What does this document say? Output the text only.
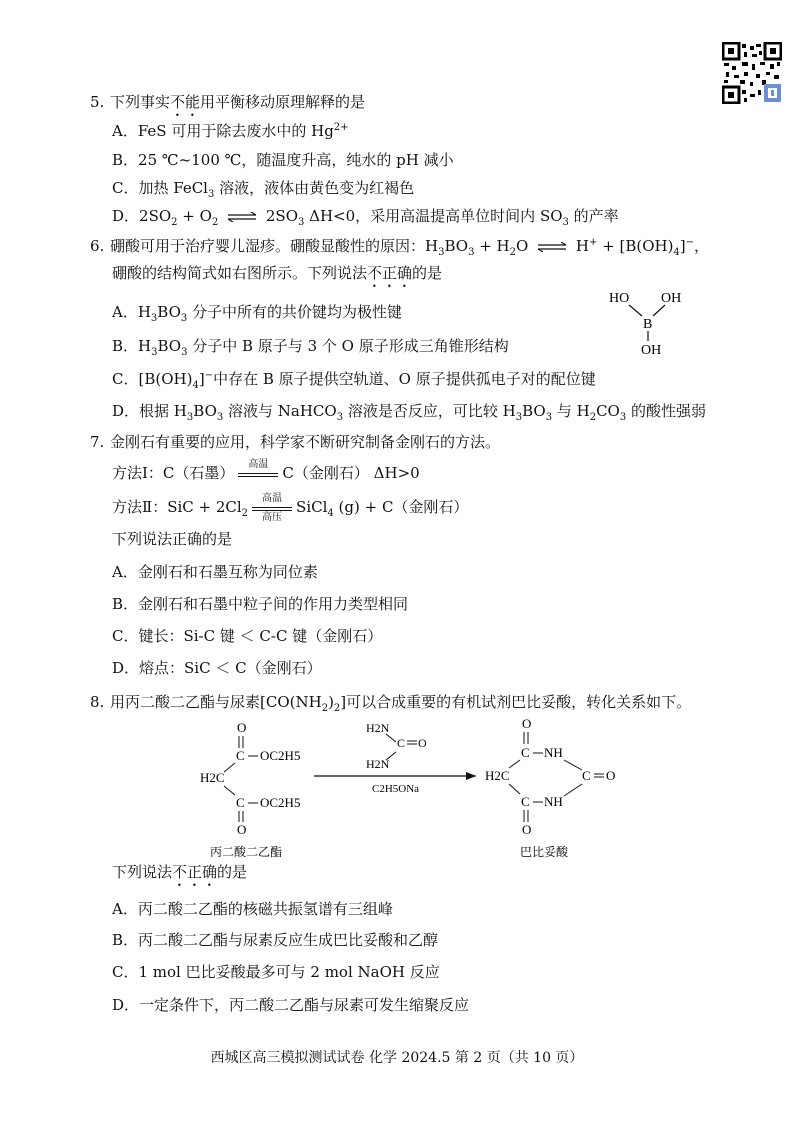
5. 下列事实不能用平衡移动原理解释的是
A．FeS 可用于除去废水中的 $Hg^{2+}$
B．25 ℃~100 ℃，随温度升高，纯水的 pH 减小
C．加热 FeCl$_3$ 溶液，液体由黄色变为红褐色
D．$2SO_2 + O_2$ ⇌ $2SO_3$ ΔH<0，采用高温提高单位时间内 $SO_3$ 的产率
6. 硼酸可用于治疗婴儿湿疹。硼酸显酸性的原因：$H_3BO_3 + H_2O$ ⇌ $H^+ + [B(OH)_4]^-$，
硼酸的结构简式如右图所示。下列说法不正确的是
A．$H_3BO_3$ 分子中所有的共价键均为极性键
B．$H_3BO_3$ 分子中 B 原子与 3 个 O 原子形成三角锥形结构
C．$[B(OH)_4]^-$中存在 B 原子提供空轨道、O 原子提供孤电子对的配位键
D．根据 $H_3BO_3$ 溶液与 NaHCO$_3$ 溶液是否反应，可比较 $H_3BO_3$ 与 $H_2CO_3$ 的酸性强弱
HO OH
B
OH
7. 金刚石有重要的应用，科学家不断研究制备金刚石的方法。
方法Ⅰ：C（石墨）	高温 C（金刚石） ΔH>0
方法Ⅱ：SiC + $2Cl_2$
高温
高压
SiCl$_4$ (g) + C（金刚石）
下列说法正确的是
A．金刚石和石墨互称为同位素
B．金刚石和石墨中粒子间的作用力类型相同
C．键长：Si-C 键 ＜ C-C 键（金刚石）
D．熔点：SiC ＜ C（金刚石）
8. 用丙二酸二乙酯与尿素$[CO(NH_2)_2]$可以合成重要的有机试剂巴比妥酸，转化关系如下。
O
C OC2H5
H2C
C OC2H5
O
丙二酸二乙酯
H2N
C O
H2N
C2H5ONa
O
C NH
C O
H2C
C NH
O
巴比妥酸
下列说法不正确的是
A．丙二酸二乙酯的核磁共振氢谱有三组峰
B．丙二酸二乙酯与尿素反应生成巴比妥酸和乙醇
C．1 mol 巴比妥酸最多可与 2 mol NaOH 反应
D．一定条件下，丙二酸二乙酯与尿素可发生缩聚反应
西城区高三模拟测试试卷 化学 2024.5 第 2 页（共 10 页）
